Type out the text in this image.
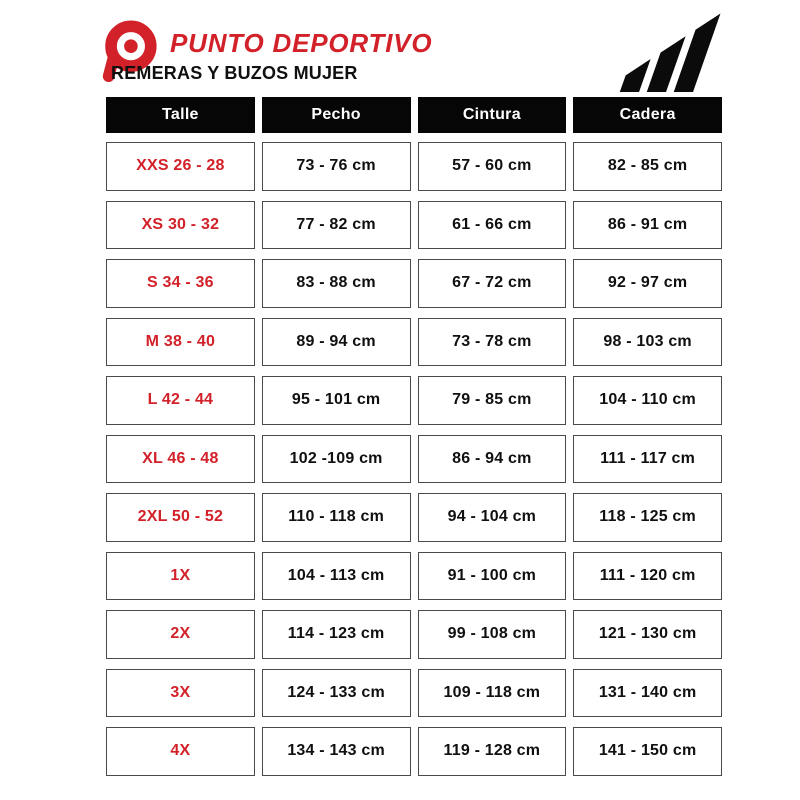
PUNTO DEPORTIVO
REMERAS Y BUZOS MUJER
Talle	Pecho	Cintura	Cadera
XXS 26 - 28	73 - 76 cm	57 - 60 cm	82 - 85 cm
XS 30 - 32	77 - 82 cm	61 - 66 cm	86 - 91 cm
S 34 - 36	83 - 88 cm	67 - 72 cm	92 - 97 cm
M 38 - 40	89 - 94 cm	73 - 78 cm	98 - 103 cm
L 42 - 44	95 - 101 cm	79 - 85 cm	104 - 110 cm
XL 46 - 48	102 -109 cm	86 - 94 cm	111 - 117 cm
2XL 50 - 52	110 - 118 cm	94 - 104 cm	118 - 125 cm
1X	104 - 113 cm	91 - 100 cm	111 - 120 cm
2X	114 - 123 cm	99 - 108 cm	121 - 130 cm
3X	124 - 133 cm	109 - 118 cm	131 - 140 cm
4X	134 - 143 cm	119 - 128 cm	141 - 150 cm
